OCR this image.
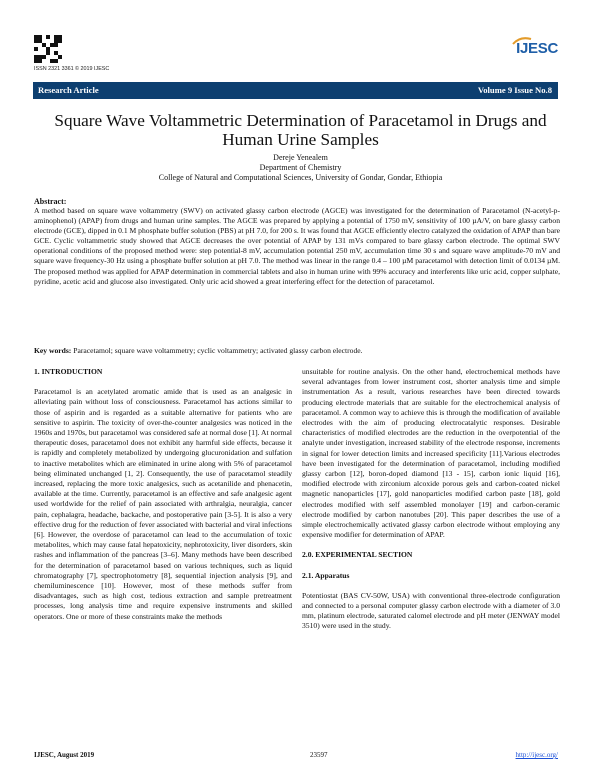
ISSN 2321 3361 © 2019 IJESC
IJESC
Research Article	Volume 9 Issue No.8
Square Wave Voltammetric Determination of Paracetamol in Drugs and Human Urine Samples
Dereje Yenealem
Department of Chemistry
College of Natural and Computational Sciences, University of Gondar, Gondar, Ethiopia
Abstract:
A method based on square wave voltammetry (SWV) on activated glassy carbon electrode (AGCE) was investigated for the determination of Paracetamol (N-acetyl-p-aminophenol) (APAP) from drugs and human urine samples. The AGCE was prepared by applying a potential of 1750 mV, sensitivity of 100 µA/V, on bare glassy carbon electrode (GCE), dipped in 0.1 M phosphate buffer solution (PBS) at pH 7.0, for 200 s. It was found that AGCE efficiently electro catalyzed the oxidation of APAP than bare GCE. Cyclic voltammetric study showed that AGCE decreases the over potential of APAP by 131 mVs compared to bare glassy carbon electrode. The optimal SWV operational conditions of the proposed method were: step potential-8 mV, accumulation potential 250 mV, accumulation time 30 s and square wave amplitude-70 mV and square wave frequency-30 Hz using a phosphate buffer solution at pH 7.0. The method was linear in the range 0.4 – 100 µM paracetamol with detection limit of 0.0134 µM. The proposed method was applied for APAP determination in commercial tablets and also in human urine with 99% accuracy and interferents like uric acid, copper sulphate, pyridine, acetic acid and glucose also investigated. Only uric acid showed a great interfering effect for the detection of paracetamol.
Key words: Paracetamol; square wave voltammetry; cyclic voltammetry; activated glassy carbon electrode.
1. INTRODUCTION

Paracetamol is an acetylated aromatic amide that is used as an analgesic in alleviating pain without loss of consciousness. Paracetamol has actions similar to those of aspirin and is regarded as a suitable alternative for patients who are sensitive to aspirin. The toxicity of over-the-counter analgesics was noticed in the 1960s and 1970s, but paracetamol was considered safe at normal dose [1]. At normal therapeutic doses, paracetamol does not exhibit any harmful side effects, because it is rapidly and completely metabolized by undergoing glucuronidation and sulfation to inactive metabolites which are eliminated in urine along with 5% of paracetamol being eliminated unchanged [1, 2]. Consequently, the use of paracetamol steadily increased, replacing the more toxic analgesics, such as acetanilide and phenacetin, available at the time. Currently, paracetamol is an effective and safe analgesic agent used worldwide for the relief of pain associated with arthralgia, neuralgia, cancer pain, cephalagra, headache, backache, and postoperative pain [3-5]. It is also a very effective drug for the reduction of fever associated with bacterial and viral infections [6]. However, the overdose of paracetamol can lead to the accumulation of toxic metabolites, which may cause fatal hepatoxicity, nephrotoxicity, liver disorders, skin rashes and inflammation of the pancreas [3–6]. Many methods have been described for the determination of paracetamol based on various techniques, such as liquid chromatography [7], spectrophotometry [8], sequential injection analysis [9], and chemiluminescence [10]. However, most of these methods suffer from disadvantages, such as high cost, tedious extraction and sample pretreatment processes, long analysis time and require expensive instruments and skilled operators. One or more of these constraints make the methods

unsuitable for routine analysis. On the other hand, electrochemical methods have several advantages from lower instrument cost, shorter analysis time and simple instrumentation As a result, various researches have been directed towards producing electrode materials that are suitable for the electrochemical analysis of paracetamol. A common way to achieve this is through the modification of available electrodes with the aim of producing electrocatalytic responses. Desirable characteristics of modified electrodes are the reduction in the overpotential of the analyte under investigation, increased stability of the electrode response, increments in signal for lower detection limits and increased specificity [11].Various electrodes have been investigated for the determination of paracetamol, including modified glassy carbon [12], boron-doped diamond [13 - 15], carbon ionic liquid [16], modified electrode with zirconium alcoxide porous gels and carbon-coated nickel magnetic nanoparticles [17], gold nanoparticles modified carbon paste [18], gold electrodes modified with self assembled monolayer [19] and carbon-ceramic electrode modified by carbon nanotubes [20]. This paper describes the use of a simple electrochemically activated glassy carbon electrode without employing any expensive modifier for determination of APAP.

2.0. EXPERIMENTAL SECTION
2.1. Apparatus

Potentiostat (BAS CV-50W, USA) with conventional three-electrode configuration and connected to a personal computer glassy carbon electrode with a diameter of 3.0 mm, platinum electrode, saturated calomel electrode and pH meter (JENWAY model 3510) were used in the study.

IJESC, August 2019	23597	http://ijesc.org/
